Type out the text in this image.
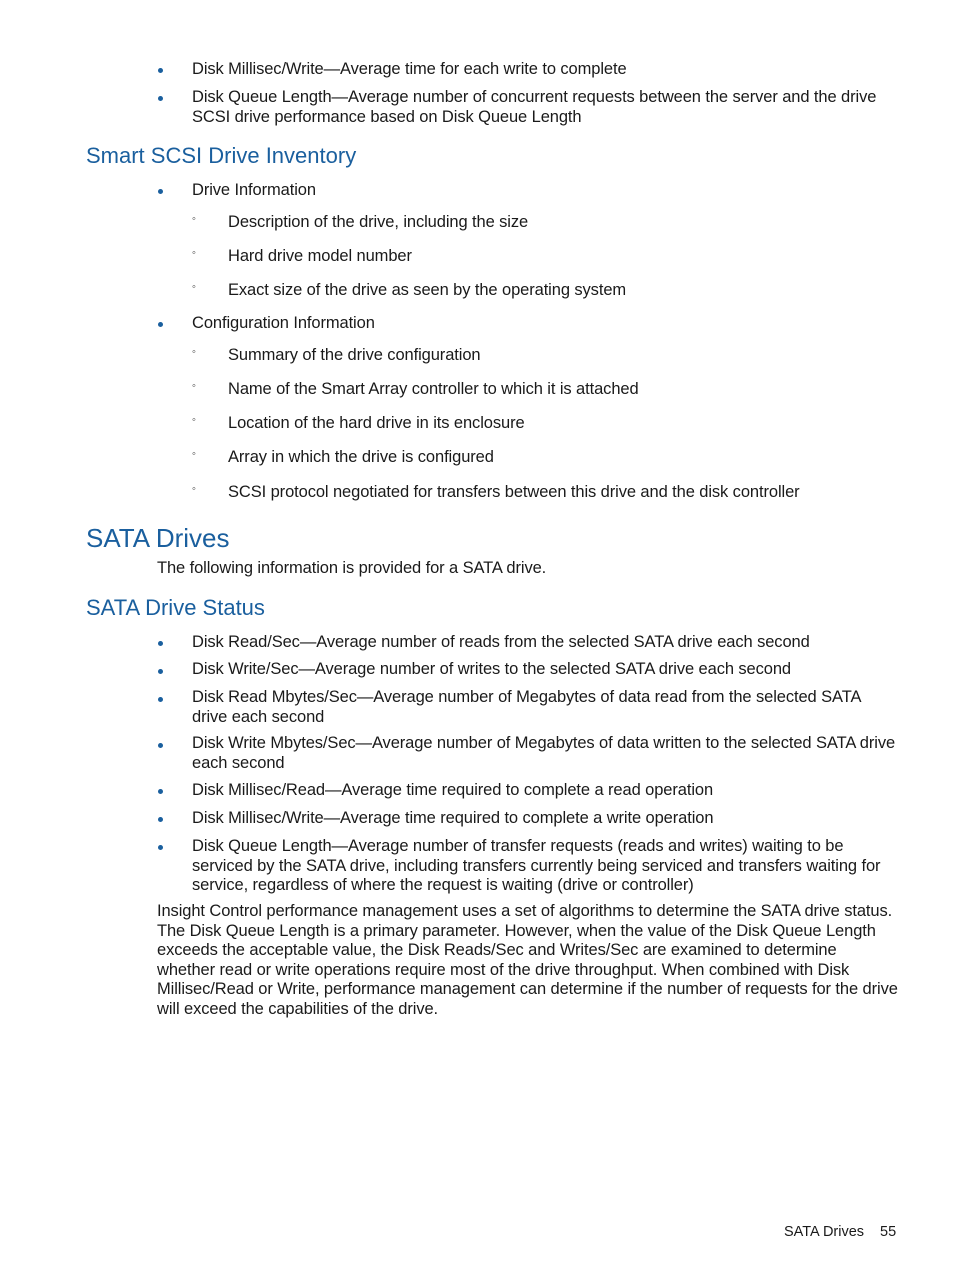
Disk Millisec/Write—Average time for each write to complete
Disk Queue Length—Average number of concurrent requests between the server and the drive SCSI drive performance based on Disk Queue Length
Smart SCSI Drive Inventory
Drive Information
◦ Description of the drive, including the size
◦ Hard drive model number
◦ Exact size of the drive as seen by the operating system
Configuration Information
◦ Summary of the drive configuration
◦ Name of the Smart Array controller to which it is attached
◦ Location of the hard drive in its enclosure
◦ Array in which the drive is configured
◦ SCSI protocol negotiated for transfers between this drive and the disk controller
SATA Drives
The following information is provided for a SATA drive.
SATA Drive Status
Disk Read/Sec—Average number of reads from the selected SATA drive each second
Disk Write/Sec—Average number of writes to the selected SATA drive each second
Disk Read Mbytes/Sec—Average number of Megabytes of data read from the selected SATA drive each second
Disk Write Mbytes/Sec—Average number of Megabytes of data written to the selected SATA drive each second
Disk Millisec/Read—Average time required to complete a read operation
Disk Millisec/Write—Average time required to complete a write operation
Disk Queue Length—Average number of transfer requests (reads and writes) waiting to be serviced by the SATA drive, including transfers currently being serviced and transfers waiting for service, regardless of where the request is waiting (drive or controller)
Insight Control performance management uses a set of algorithms to determine the SATA drive status. The Disk Queue Length is a primary parameter. However, when the value of the Disk Queue Length exceeds the acceptable value, the Disk Reads/Sec and Writes/Sec are examined to determine whether read or write operations require most of the drive throughput. When combined with Disk Millisec/Read or Write, performance management can determine if the number of requests for the drive will exceed the capabilities of the drive.
SATA Drives 55
